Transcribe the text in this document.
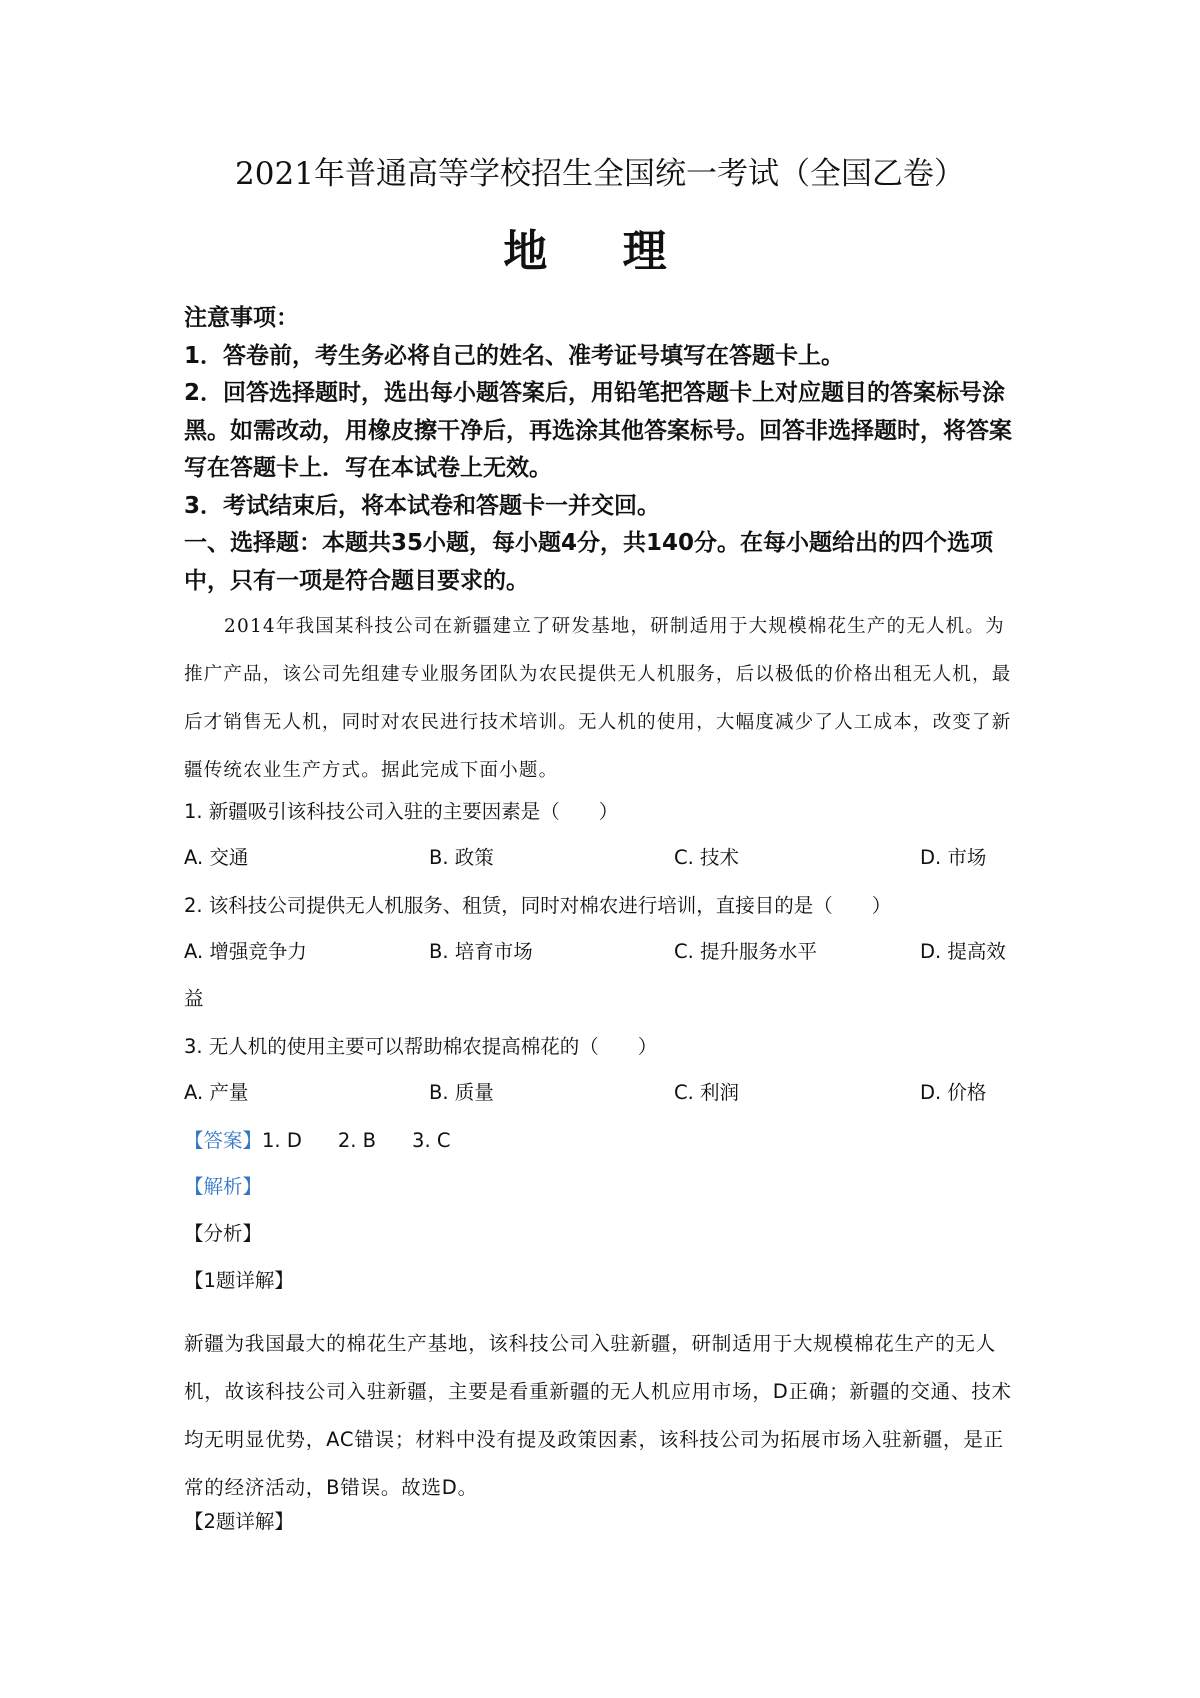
2021年普通高等学校招生全国统一考试（全国乙卷）
地 理

注意事项：

1．答卷前，考生务必将自己的姓名、准考证号填写在答题卡上。

2．回答选择题时，选出每小题答案后，用铅笔把答题卡上对应题目的答案标号涂黑。如需改动，用橡皮擦干净后，再选涂其他答案标号。回答非选择题时，将答案写在答题卡上．写在本试卷上无效。

3．考试结束后，将本试卷和答题卡一并交回。

一、选择题：本题共35小题，每小题4分，共140分。在每小题给出的四个选项中，只有一项是符合题目要求的。

2014年我国某科技公司在新疆建立了研发基地，研制适用于大规模棉花生产的无人机。为推广产品，该公司先组建专业服务团队为农民提供无人机服务，后以极低的价格出租无人机，最后才销售无人机，同时对农民进行技术培训。无人机的使用，大幅度减少了人工成本，改变了新疆传统农业生产方式。据此完成下面小题。

1. 新疆吸引该科技公司入驻的主要因素是（　　）

A. 交通	B. 政策	C. 技术	D. 市场

2. 该科技公司提供无人机服务、租赁，同时对棉农进行培训，直接目的是（　　）

A. 增强竞争力	B. 培育市场	C. 提升服务水平	D. 提高效

益

3. 无人机的使用主要可以帮助棉农提高棉花的（　　）

A. 产量	B. 质量	C. 利润	D. 价格
【答案】1. D 2. B 3. C

【解析】

【分析】

【1题详解】

新疆为我国最大的棉花生产基地，该科技公司入驻新疆，研制适用于大规模棉花生产的无人机，故该科技公司入驻新疆，主要是看重新疆的无人机应用市场，D正确；新疆的交通、技术均无明显优势，AC错误；材料中没有提及政策因素，该科技公司为拓展市场入驻新疆，是正常的经济活动，B错误。故选D。

【2题详解】
